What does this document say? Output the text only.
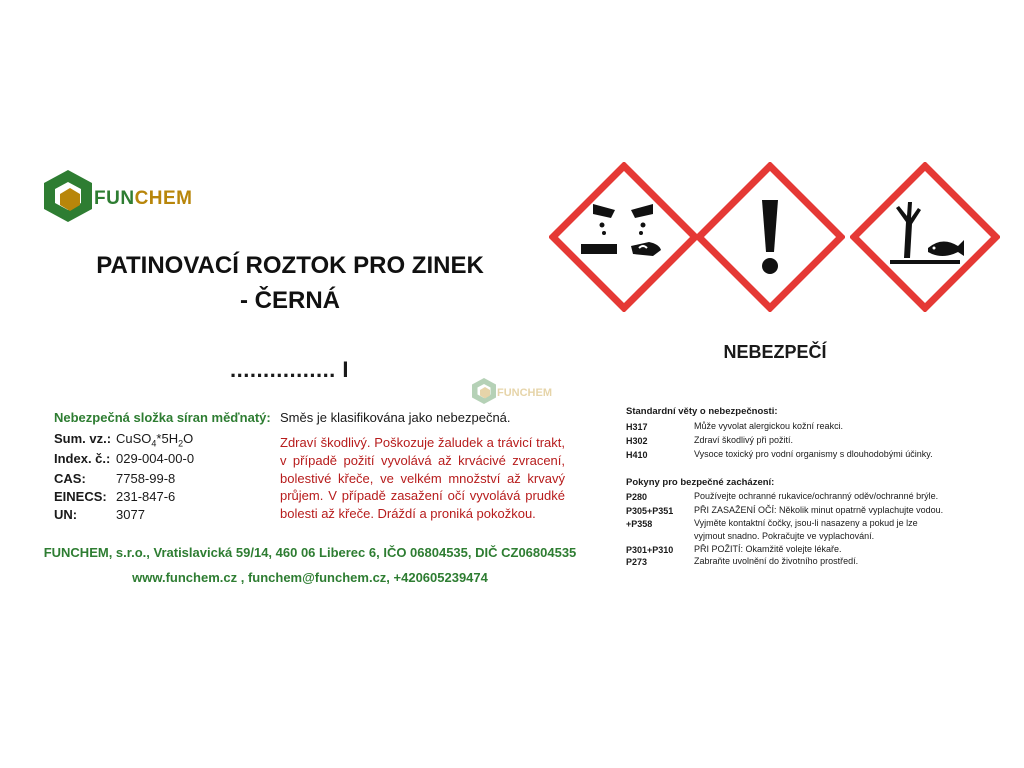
FUNCHEM
PATINOVACÍ ROZTOK PRO ZINEK
- ČERNÁ
................ I
FUNCHEM
Nebezpečná složka síran měďnatý:
Sum. vz.: $CuSO_4*5H_2O$
Index. č.: 029-004-00-0
CAS: 7758-99-8
EINECS: 231-847-6
UN:	3077
Směs je klasifikována jako nebezpečná.
Zdraví škodlivý. Poškozuje žaludek a trávicí trakt, v případě požití vyvolává až krvácivé zvracení, bolestivé křeče, ve velkém množství až krvavý průjem. V případě zasažení očí vyvolává prudké bolesti až křeče. Dráždí a proniká pokožkou.
FUNCHEM, s.r.o., Vratislavická 59/14, 460 06 Liberec 6, IČO 06804535, DIČ CZ06804535
www.funchem.cz , funchem@funchem.cz, +420605239474
NEBEZPEČÍ
Standardní věty o nebezpečnosti:
H317	Může vyvolat alergickou kožní reakci.
H302	Zdraví škodlivý při požití.
H410	Vysoce toxický pro vodní organismy s dlouhodobými účinky.
Pokyny pro bezpečné zacházení:
P280	Používejte ochranné rukavice/ochranný oděv/ochranné brýle.
P305+P351 PŘI ZASAŽENÍ OČÍ: Několik minut opatrně vyplachujte vodou.
+P358	Vyjměte kontaktní čočky, jsou-li nasazeny a pokud je lze
vyjmout snadno. Pokračujte ve vyplachování.
P301+P310 PŘI POŽITÍ: Okamžitě volejte lékaře.
P273	Zabraňte uvolnění do životního prostředí.
